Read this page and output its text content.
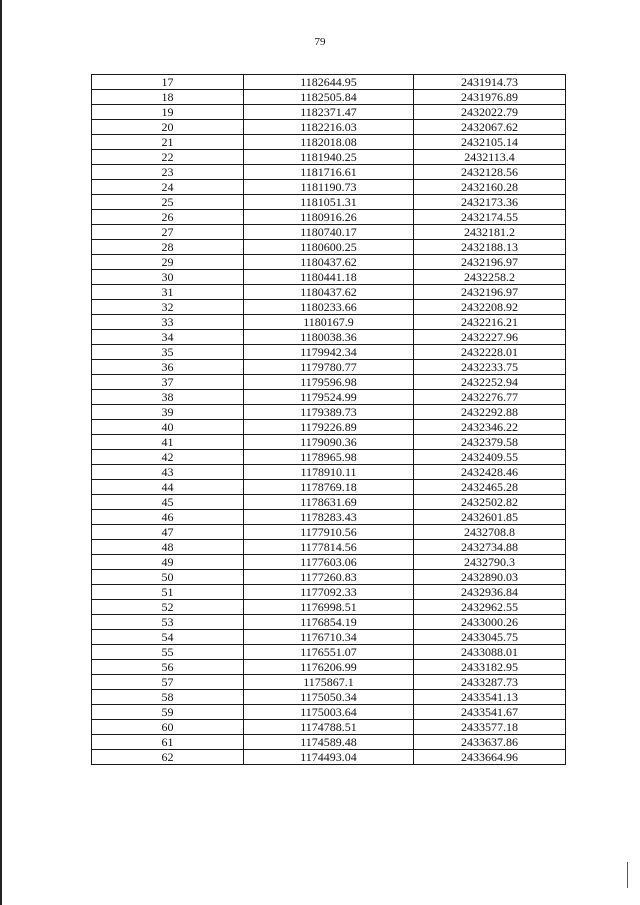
79
17	1182644.95	2431914.73
18	1182505.84	2431976.89
19	1182371.47	2432022.79
20	1182216.03	2432067.62
21	1182018.08	2432105.14
22	1181940.25	2432113.4
23	1181716.61	2432128.56
24	1181190.73	2432160.28
25	1181051.31	2432173.36
26	1180916.26	2432174.55
27	1180740.17	2432181.2
28	1180600.25	2432188.13
29	1180437.62	2432196.97
30	1180441.18	2432258.2
31	1180437.62	2432196.97
32	1180233.66	2432208.92
33	1180167.9	2432216.21
34	1180038.36	2432227.96
35	1179942.34	2432228.01
36	1179780.77	2432233.75
37	1179596.98	2432252.94
38	1179524.99	2432276.77
39	1179389.73	2432292.88
40	1179226.89	2432346.22
41	1179090.36	2432379.58
42	1178965.98	2432409.55
43	1178910.11	2432428.46
44	1178769.18	2432465.28
45	1178631.69	2432502.82
46	1178283.43	2432601.85
47	1177910.56	2432708.8
48	1177814.56	2432734.88
49	1177603.06	2432790.3
50	1177260.83	2432890.03
51	1177092.33	2432936.84
52	1176998.51	2432962.55
53	1176854.19	2433000.26
54	1176710.34	2433045.75
55	1176551.07	2433088.01
56	1176206.99	2433182.95
57	1175867.1	2433287.73
58	1175050.34	2433541.13
59	1175003.64	2433541.67
60	1174788.51	2433577.18
61	1174589.48	2433637.86
62	1174493.04	2433664.96
